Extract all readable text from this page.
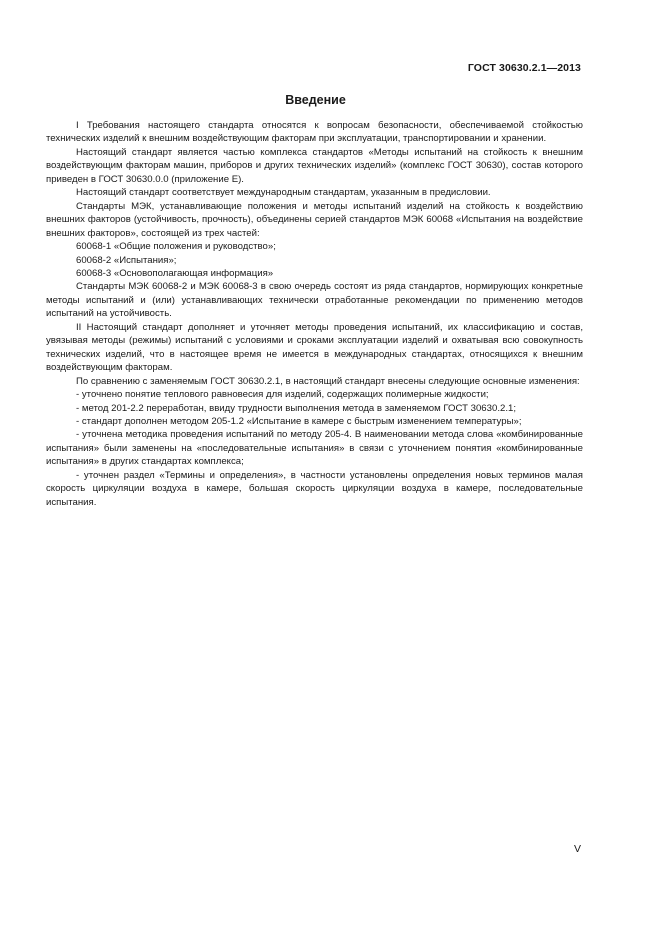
ГОСТ 30630.2.1—2013
Введение

I Требования настоящего стандарта относятся к вопросам безопасности, обеспечиваемой стойкостью технических изделий к внешним воздействующим факторам при эксплуатации, транспортировании и хранении.

Настоящий стандарт является частью комплекса стандартов «Методы испытаний на стойкость к внешним воздействующим факторам машин, приборов и других технических изделий» (комплекс ГОСТ 30630), состав которого приведен в ГОСТ 30630.0.0 (приложение Е).

Настоящий стандарт соответствует международным стандартам, указанным в предисловии.

Стандарты МЭК, устанавливающие положения и методы испытаний изделий на стойкость к воздействию внешних факторов (устойчивость, прочность), объединены серией стандартов МЭК 60068 «Испытания на воздействие внешних факторов», состоящей из трех частей:

60068-1 «Общие положения и руководство»;

60068-2 «Испытания»;

60068-3 «Основополагающая информация»

Стандарты МЭК 60068-2 и МЭК 60068-3 в свою очередь состоят из ряда стандартов, нормирующих конкретные методы испытаний и (или) устанавливающих технически отработанные рекомендации по применению методов испытаний на устойчивость.

II Настоящий стандарт дополняет и уточняет методы проведения испытаний, их классификацию и состав, увязывая методы (режимы) испытаний с условиями и сроками эксплуатации изделий и охватывая всю совокупность технических изделий, что в настоящее время не имеется в международных стандартах, относящихся к внешним воздействующим факторам.

По сравнению с заменяемым ГОСТ 30630.2.1, в настоящий стандарт внесены следующие основные изменения:

- уточнено понятие теплового равновесия для изделий, содержащих полимерные жидкости;

- метод 201-2.2 переработан, ввиду трудности выполнения метода в заменяемом ГОСТ 30630.2.1;

- стандарт дополнен методом 205-1.2 «Испытание в камере с быстрым изменением температуры»;

- уточнена методика проведения испытаний по методу 205-4. В наименовании метода слова «комбинированные испытания» были заменены на «последовательные испытания» в связи с уточнением понятия «комбинированные испытания» в других стандартах комплекса;

- уточнен раздел «Термины и определения», в частности установлены определения новых терминов малая скорость циркуляции воздуха в камере, большая скорость циркуляции воздуха в камере, последовательные испытания.

V
